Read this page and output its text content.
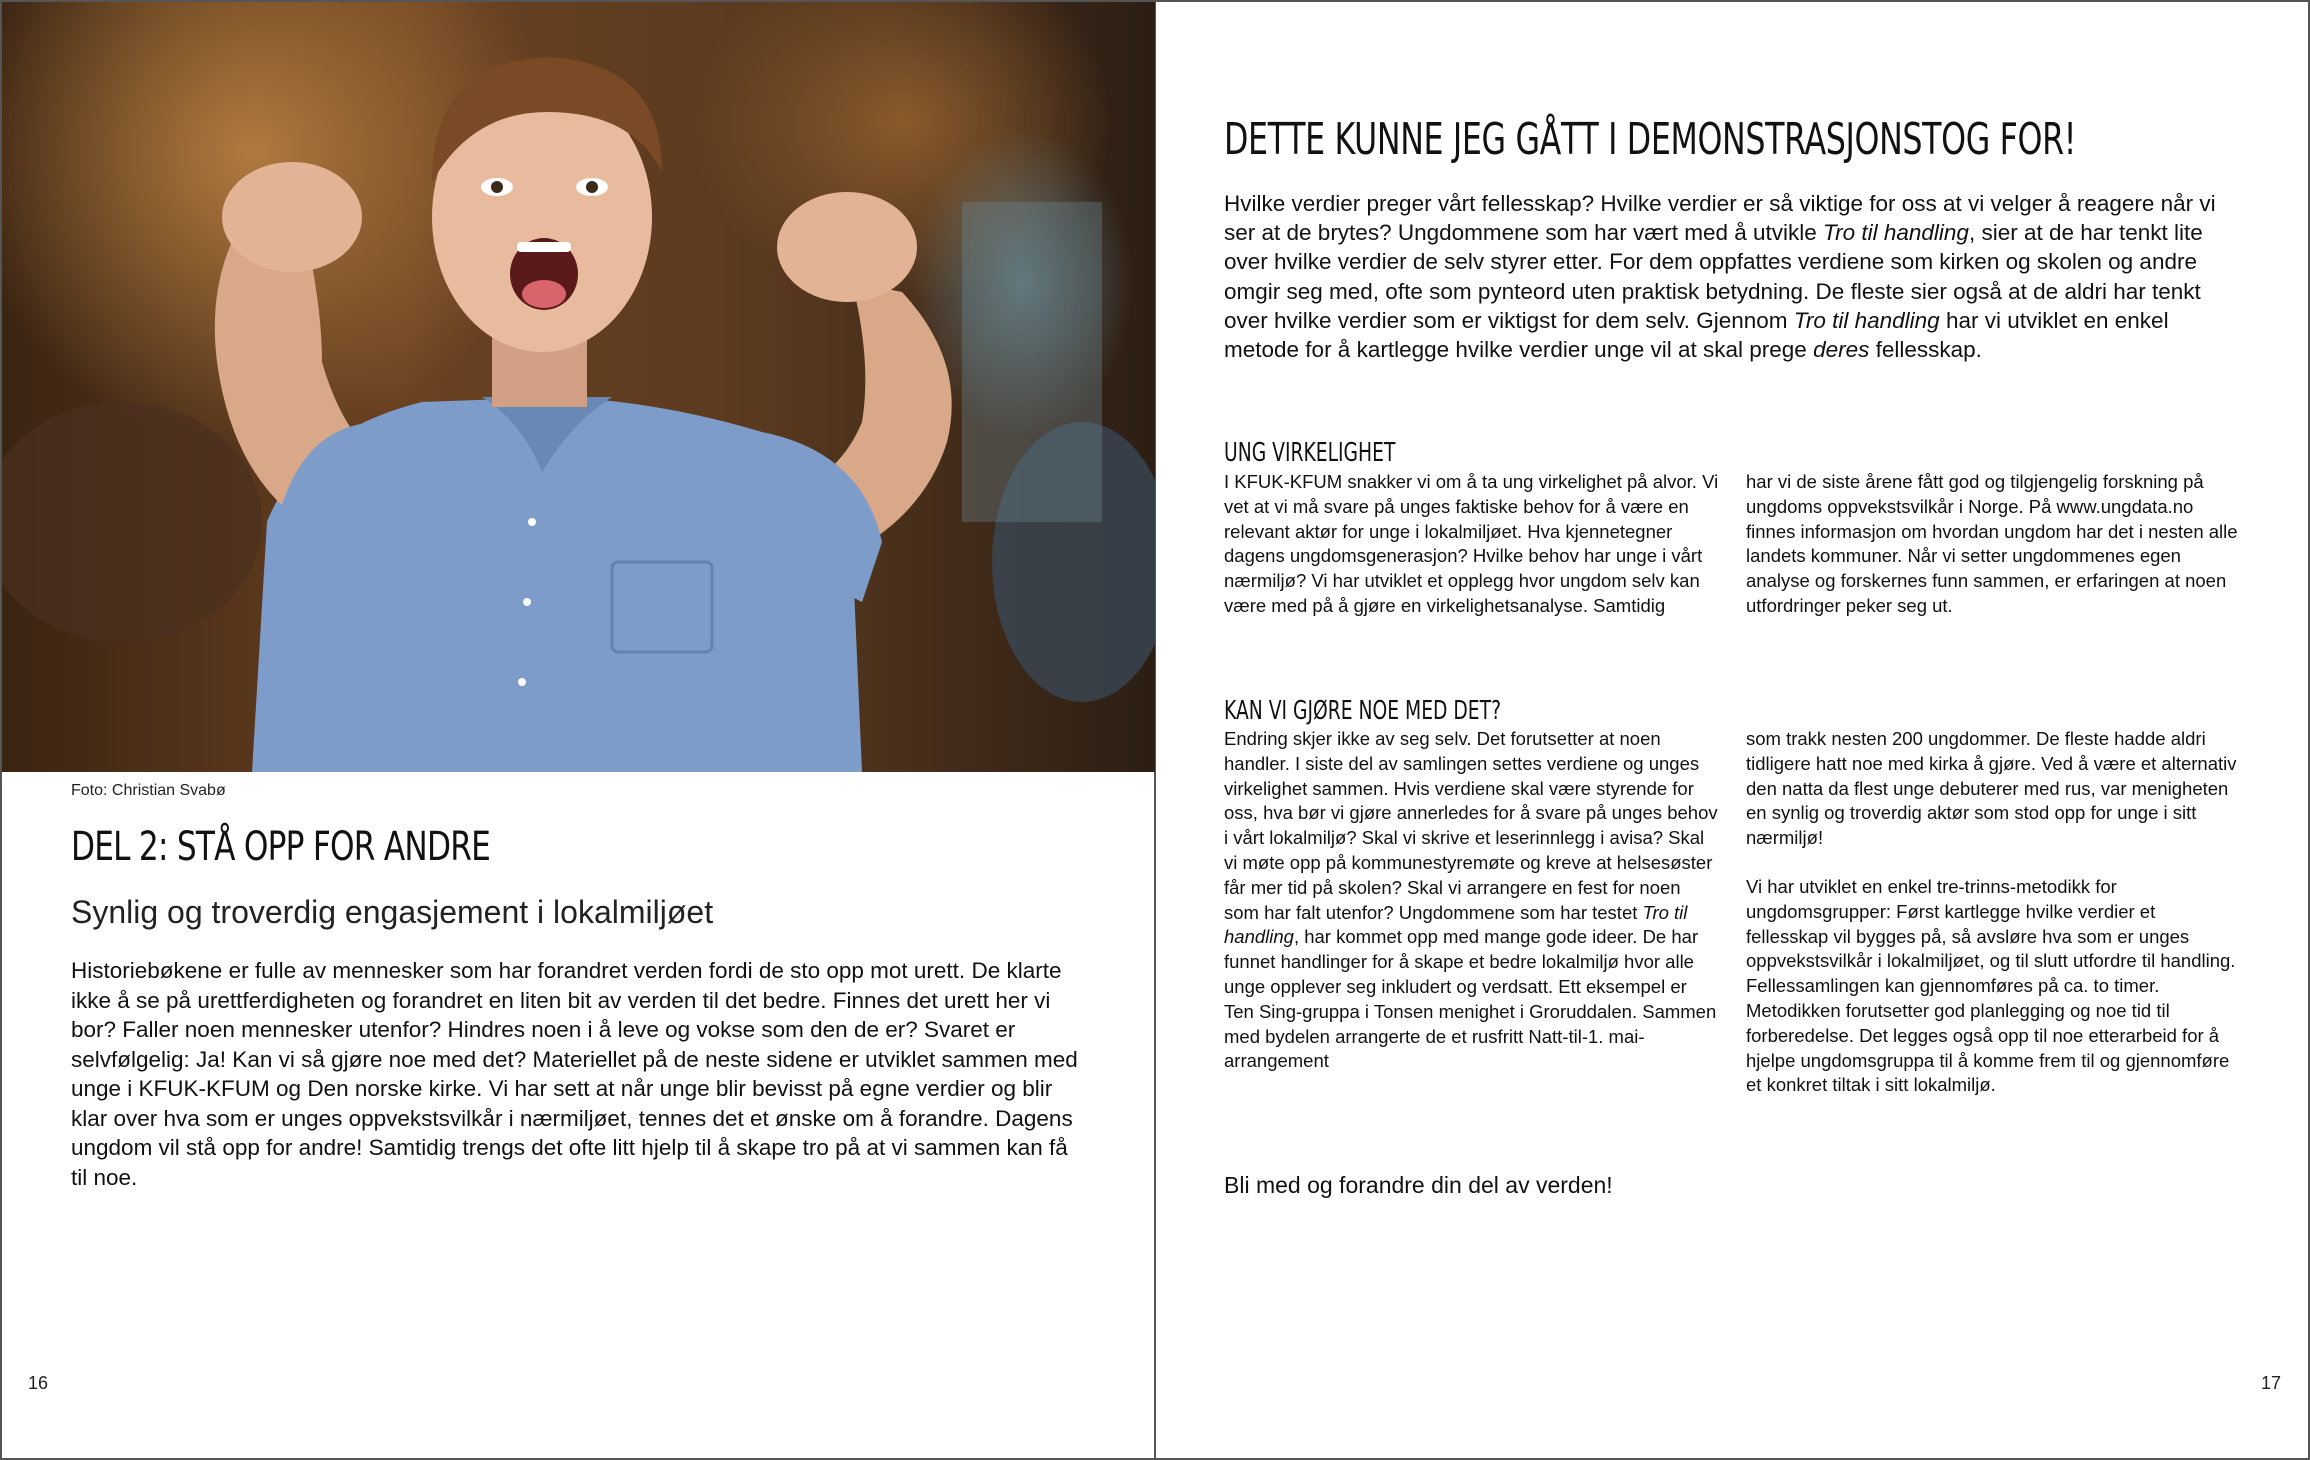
Foto: Christian Svabø
DEL 2: STÅ OPP FOR ANDRE
Synlig og troverdig engasjement i lokalmiljøet

Historiebøkene er fulle av mennesker som har forandret verden fordi de sto opp mot urett. De klarte ikke å se på urettferdigheten og forandret en liten bit av verden til det bedre. Finnes det urett her vi bor? Faller noen mennesker utenfor? Hindres noen i å leve og vokse som den de er? Svaret er selvfølgelig: Ja! Kan vi så gjøre noe med det? Materiellet på de neste sidene er utviklet sammen med unge i KFUK-KFUM og Den norske kirke. Vi har sett at når unge blir bevisst på egne verdier og blir klar over hva som er unges oppvekstsvilkår i nærmiljøet, tennes det et ønske om å forandre. Dagens ungdom vil stå opp for andre! Samtidig trengs det ofte litt hjelp til å skape tro på at vi sammen kan få til noe.

16
DETTE KUNNE JEG GÅTT I DEMONSTRASJONSTOG FOR!

Hvilke verdier preger vårt fellesskap? Hvilke verdier er så viktige for oss at vi velger å reagere når vi ser at de brytes? Ungdommene som har vært med å utvikle Tro til handling, sier at de har tenkt lite over hvilke verdier de selv styrer etter. For dem oppfattes verdiene som kirken og skolen og andre omgir seg med, ofte som pynteord uten praktisk betydning. De fleste sier også at de aldri har tenkt over hvilke verdier som er viktigst for dem selv. Gjennom Tro til handling har vi utviklet en enkel metode for å kartlegge hvilke verdier unge vil at skal prege deres fellesskap.

UNG VIRKELIGHET

I KFUK-KFUM snakker vi om å ta ung virkelighet på alvor. Vi vet at vi må svare på unges faktiske behov for å være en relevant aktør for unge i lokalmiljøet. Hva kjennetegner dagens ungdomsgenerasjon? Hvilke behov har unge i vårt nærmiljø? Vi har utviklet et opplegg hvor ungdom selv kan være med på å gjøre en virkelighetsanalyse. Samtidig

har vi de siste årene fått god og tilgjengelig forskning på ungdoms oppvekstsvilkår i Norge. På www.ungdata.no finnes informasjon om hvordan ungdom har det i nesten alle landets kommuner. Når vi setter ungdommenes egen analyse og forskernes funn sammen, er erfaringen at noen utfordringer peker seg ut.

KAN VI GJØRE NOE MED DET?

Endring skjer ikke av seg selv. Det forutsetter at noen handler. I siste del av samlingen settes verdiene og unges virkelighet sammen. Hvis verdiene skal være styrende for oss, hva bør vi gjøre annerledes for å svare på unges behov i vårt lokalmiljø? Skal vi skrive et leserinnlegg i avisa? Skal vi møte opp på kommunestyremøte og kreve at helsesøster får mer tid på skolen? Skal vi arrangere en fest for noen som har falt utenfor? Ungdommene som har testet Tro til handling, har kommet opp med mange gode ideer. De har funnet handlinger for å skape et bedre lokalmiljø hvor alle unge opplever seg inkludert og verdsatt. Ett eksempel er Ten Sing-gruppa i Tonsen menighet i Groruddalen. Sammen med bydelen arrangerte de et rusfritt Natt-til-1. mai-arrangement

som trakk nesten 200 ungdommer. De fleste hadde aldri tidligere hatt noe med kirka å gjøre. Ved å være et alternativ den natta da flest unge debuterer med rus, var menigheten en synlig og troverdig aktør som stod opp for unge i sitt nærmiljø!

Vi har utviklet en enkel tre-trinns-metodikk for ungdomsgrupper: Først kartlegge hvilke verdier et fellesskap vil bygges på, så avsløre hva som er unges oppvekstsvilkår i lokalmiljøet, og til slutt utfordre til handling. Fellessamlingen kan gjennomføres på ca. to timer. Metodikken forutsetter god planlegging og noe tid til forberedelse. Det legges også opp til noe etterarbeid for å hjelpe ungdomsgruppa til å komme frem til og gjennomføre et konkret tiltak i sitt lokalmiljø.

Bli med og forandre din del av verden!

17
